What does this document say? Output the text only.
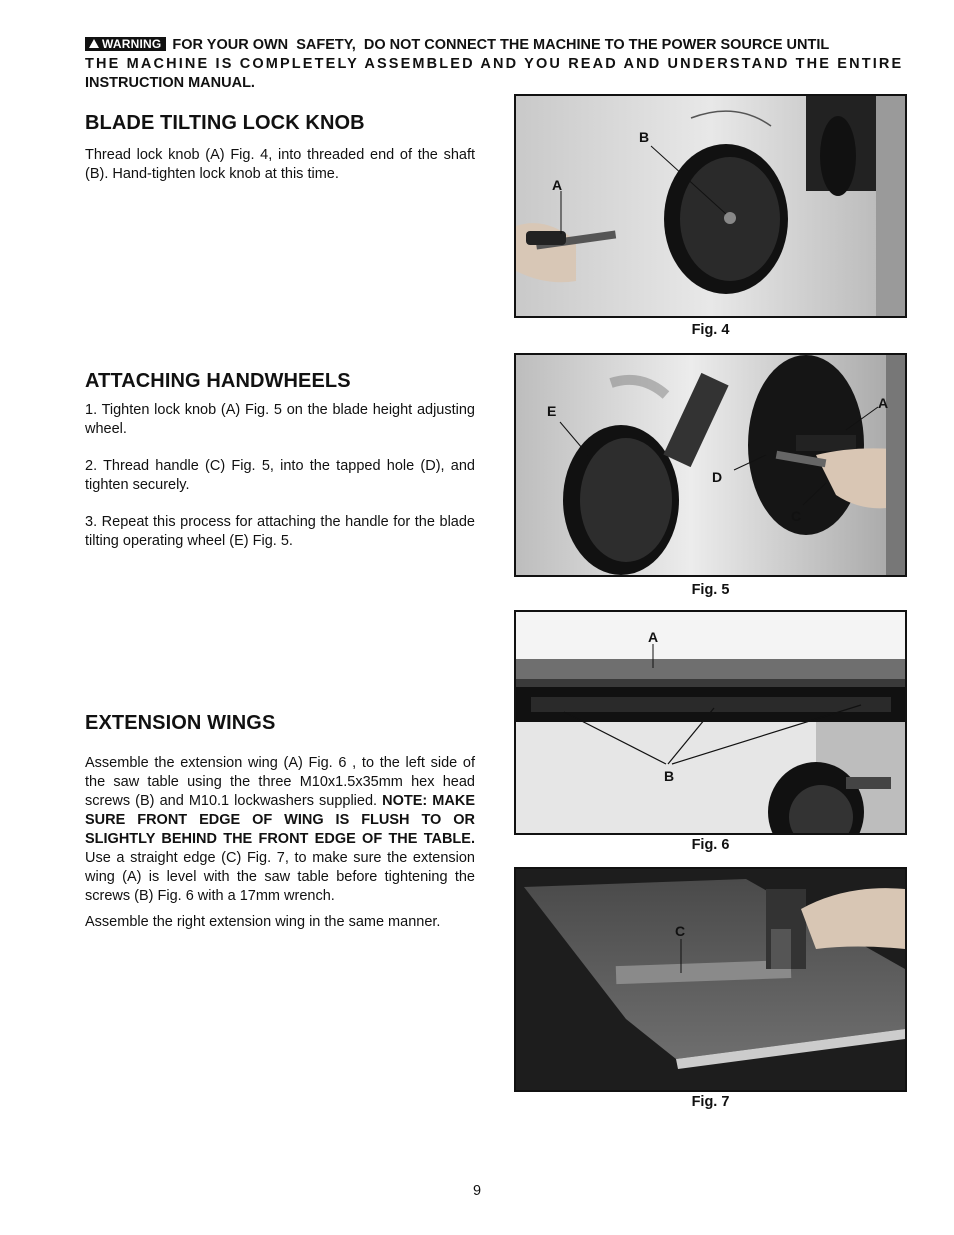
WARNING FOR YOUR OWN  SAFETY,  DO NOT CONNECT THE MACHINE TO THE POWER SOURCE UNTIL
THE MACHINE IS COMPLETELY ASSEMBLED AND YOU READ AND UNDERSTAND THE ENTIRE
INSTRUCTION MANUAL.
BLADE TILTING LOCK KNOB

Thread lock knob (A) Fig. 4, into threaded end of the shaft (B). Hand-tighten lock knob at this time.

ATTACHING HANDWHEELS

1. Tighten lock knob (A) Fig. 5 on the blade height adjusting wheel.

2. Thread handle (C) Fig. 5, into the tapped hole (D), and tighten securely.

3. Repeat this process for attaching the handle for the blade tilting operating wheel (E) Fig. 5.

EXTENSION WINGS

Assemble the extension wing (A) Fig. 6 , to the left side of the saw table using the three M10x1.5x35mm hex head screws (B) and M10.1 lockwashers supplied. NOTE: MAKE SURE FRONT EDGE OF WING IS FLUSH TO OR SLIGHTLY BEHIND THE FRONT EDGE OF THE TABLE. Use a straight edge (C) Fig. 7, to make sure the extension wing (A) is level with the saw table before tightening the screws (B) Fig. 6 with a 17mm wrench.

Assemble the right extension wing in the same manner.

A
B
Fig. 4
E	A
D
C
Fig. 5
A
B
Fig. 6
C
Fig. 7
9
